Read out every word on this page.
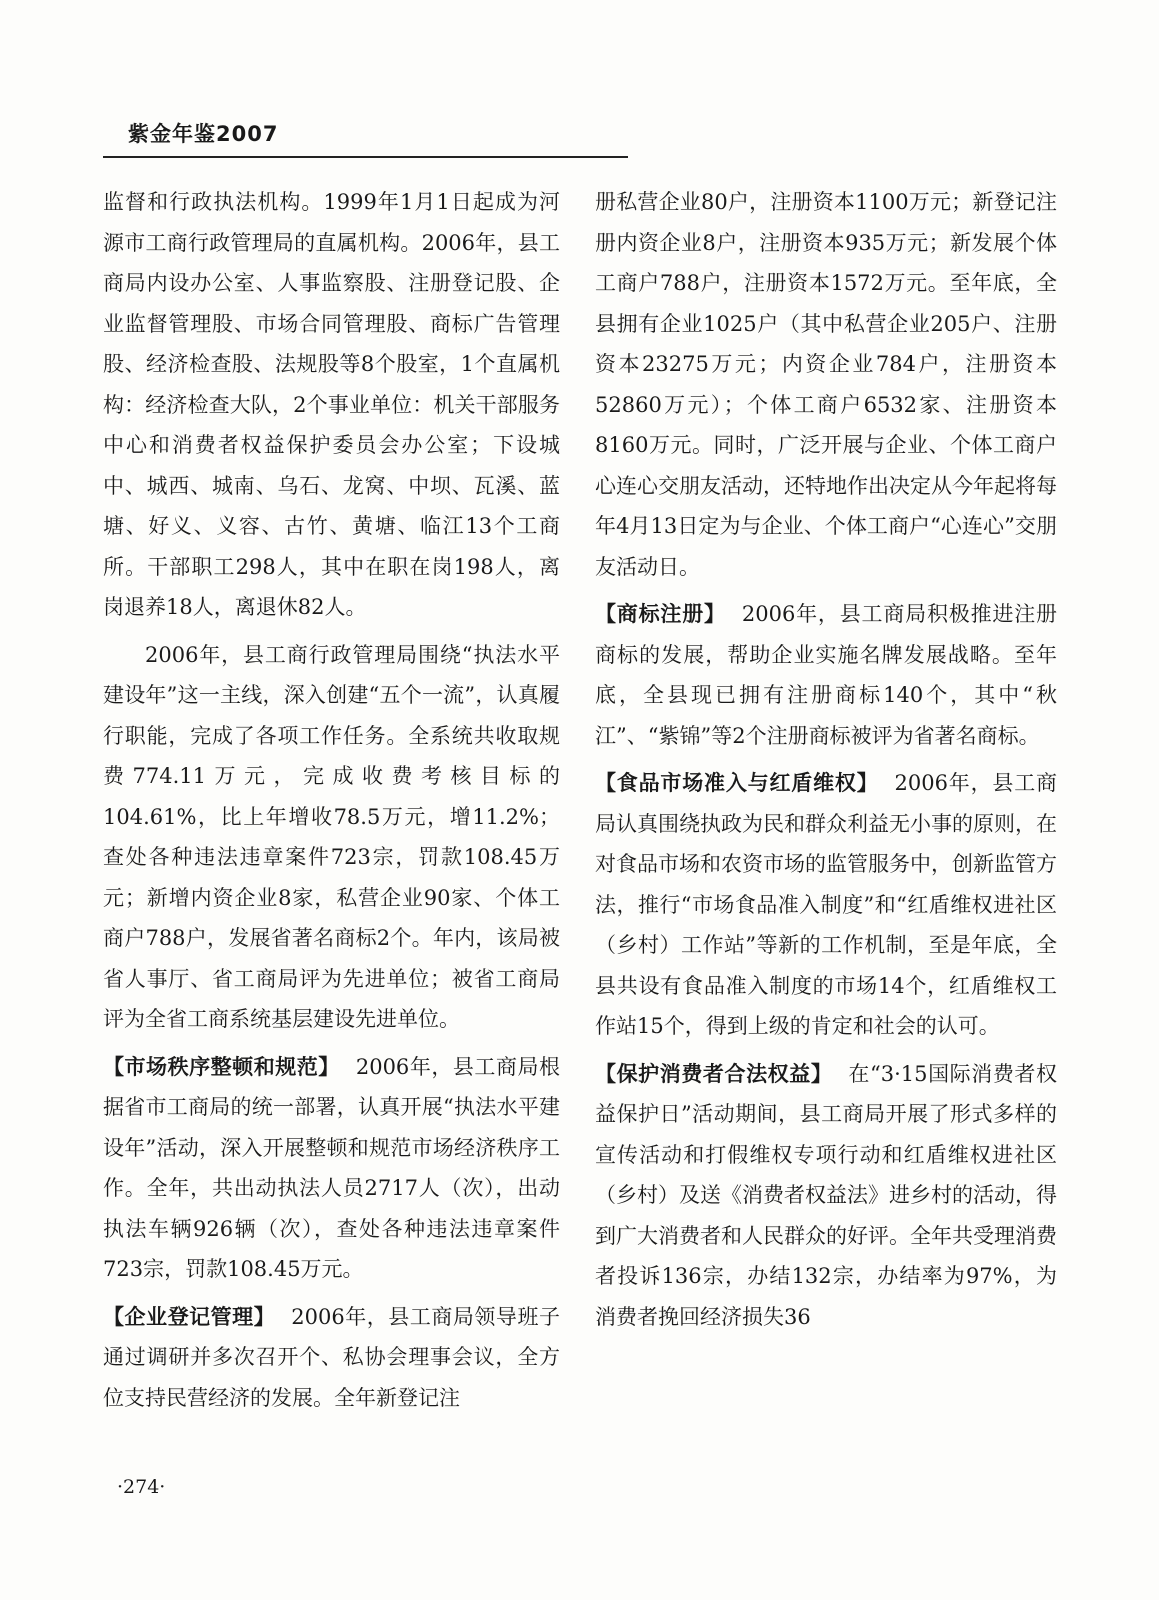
紫金年鉴2007

监督和行政执法机构。1999年1月1日起成为河源市工商行政管理局的直属机构。2006年，县工商局内设办公室、人事监察股、注册登记股、企业监督管理股、市场合同管理股、商标广告管理股、经济检查股、法规股等8个股室，1个直属机构：经济检查大队，2个事业单位：机关干部服务中心和消费者权益保护委员会办公室；下设城中、城西、城南、乌石、龙窝、中坝、瓦溪、蓝塘、好义、义容、古竹、黄塘、临江13个工商所。干部职工298人，其中在职在岗198人，离岗退养18人，离退休82人。

2006年，县工商行政管理局围绕“执法水平建设年”这一主线，深入创建“五个一流”，认真履行职能，完成了各项工作任务。全系统共收取规费774.11万元，完成收费考核目标的104.61%，比上年增收78.5万元，增11.2%；查处各种违法违章案件723宗，罚款108.45万元；新增内资企业8家，私营企业90家、个体工商户788户，发展省著名商标2个。年内，该局被省人事厅、省工商局评为先进单位；被省工商局评为全省工商系统基层建设先进单位。

【市场秩序整顿和规范】 2006年，县工商局根据省市工商局的统一部署，认真开展“执法水平建设年”活动，深入开展整顿和规范市场经济秩序工作。全年，共出动执法人员2717人（次），出动执法车辆926辆（次），查处各种违法违章案件723宗，罚款108.45万元。

【企业登记管理】 2006年，县工商局领导班子通过调研并多次召开个、私协会理事会议，全方位支持民营经济的发展。全年新登记注

册私营企业80户，注册资本1100万元；新登记注册内资企业8户，注册资本935万元；新发展个体工商户788户，注册资本1572万元。至年底，全县拥有企业1025户（其中私营企业205户、注册资本23275万元；内资企业784户，注册资本52860万元）；个体工商户6532家、注册资本8160万元。同时，广泛开展与企业、个体工商户心连心交朋友活动，还特地作出决定从今年起将每年4月13日定为与企业、个体工商户“心连心”交朋友活动日。

【商标注册】 2006年，县工商局积极推进注册商标的发展，帮助企业实施名牌发展战略。至年底，全县现已拥有注册商标140个，其中“秋江”、“紫锦”等2个注册商标被评为省著名商标。

【食品市场准入与红盾维权】 2006年，县工商局认真围绕执政为民和群众利益无小事的原则，在对食品市场和农资市场的监管服务中，创新监管方法，推行“市场食品准入制度”和“红盾维权进社区（乡村）工作站”等新的工作机制，至是年底，全县共设有食品准入制度的市场14个，红盾维权工作站15个，得到上级的肯定和社会的认可。

【保护消费者合法权益】 在“3·15国际消费者权益保护日”活动期间，县工商局开展了形式多样的宣传活动和打假维权专项行动和红盾维权进社区（乡村）及送《消费者权益法》进乡村的活动，得到广大消费者和人民群众的好评。全年共受理消费者投诉136宗，办结132宗，办结率为97%，为消费者挽回经济损失36

·274·
